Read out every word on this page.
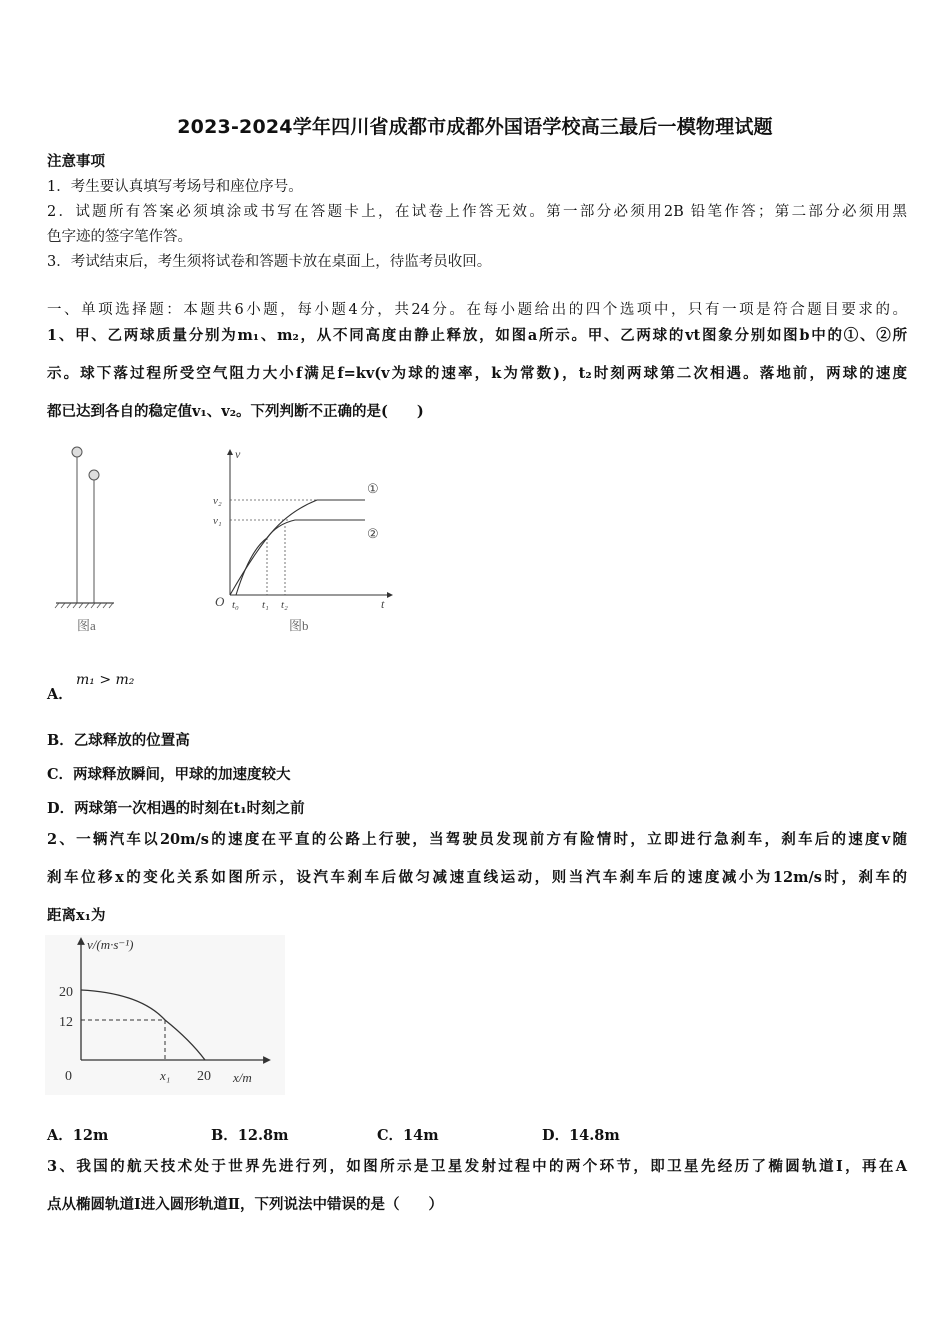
2023-2024学年四川省成都市成都外国语学校高三最后一模物理试题
注意事项
1．考生要认真填写考场号和座位序号。
2．试题所有答案必须填涂或书写在答题卡上，在试卷上作答无效。第一部分必须用2B 铅笔作答；第二部分必须用黑
色字迹的签字笔作答。
3．考试结束后，考生须将试卷和答题卡放在桌面上，待监考员收回。
一、单项选择题：本题共6小题，每小题4分，共24分。在每小题给出的四个选项中，只有一项是符合题目要求的。
1、甲、乙两球质量分别为m₁、m₂，从不同高度由静止释放，如图a所示。甲、乙两球的vt图象分别如图b中的①、②所
示。球下落过程所受空气阻力大小f满足f=kv(v为球的速率，k为常数)，t₂时刻两球第二次相遇。落地前，两球的速度
都已达到各自的稳定值v₁、v₂。下列判断不正确的是(　　)
图a
v
t
O
v₂
v₁
t₀ t₁ t₂
①
②
图b
A．
m₁ > m₂
B．乙球释放的位置高
C．两球释放瞬间，甲球的加速度较大
D．两球第一次相遇的时刻在t₁时刻之前
2、一辆汽车以20m/s的速度在平直的公路上行驶，当驾驶员发现前方有险情时，立即进行急刹车，刹车后的速度v随
刹车位移x的变化关系如图所示，设汽车刹车后做匀减速直线运动，则当汽车刹车后的速度减小为12m/s时，刹车的
距离x₁为
v/(m·s⁻¹)
x/m
20
12
0	x₁ 20
A．12m	B．12.8m	C．14m	D．14.8m
3、我国的航天技术处于世界先进行列，如图所示是卫星发射过程中的两个环节，即卫星先经历了椭圆轨道Ⅰ，再在A
点从椭圆轨道Ⅰ进入圆形轨道Ⅱ，下列说法中错误的是（　　）
